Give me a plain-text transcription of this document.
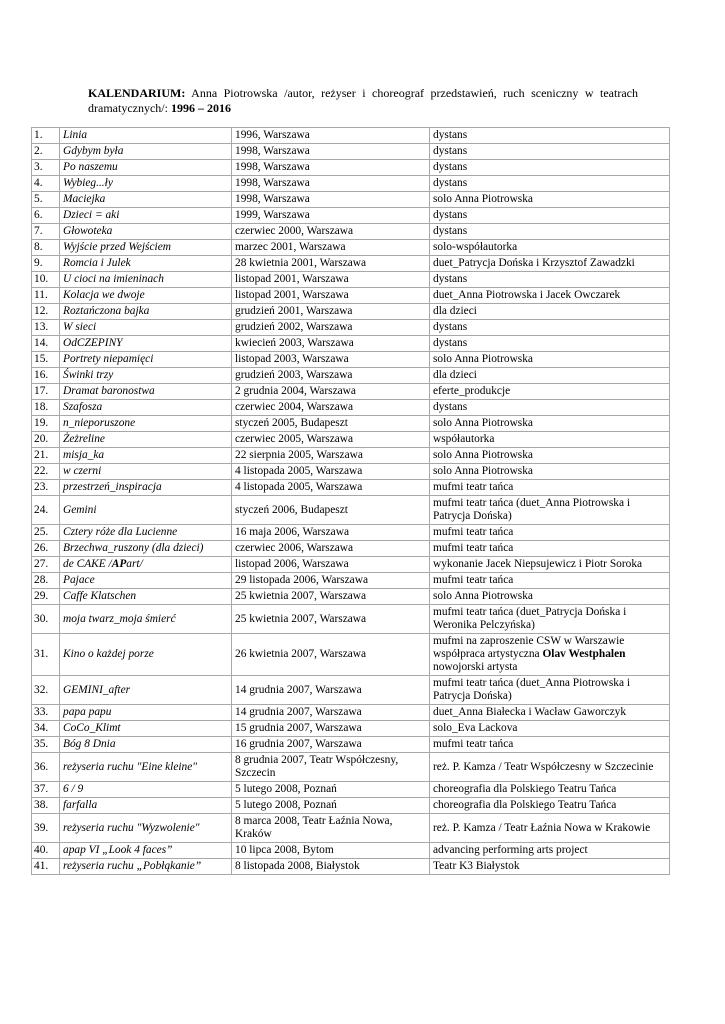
KALENDARIUM: Anna Piotrowska /autor, reżyser i choreograf przedstawień, ruch sceniczny w teatrach dramatycznych/: 1996 – 2016
1.	Linia	1996, Warszawa	dystans
2.	Gdybym była	1998, Warszawa	dystans
3.	Po naszemu	1998, Warszawa	dystans
4.	Wybieg...ły	1998, Warszawa	dystans
5.	Maciejka	1998, Warszawa	solo Anna Piotrowska
6.	Dzieci = aki	1999, Warszawa	dystans
7.	Głowoteka	czerwiec 2000, Warszawa	dystans
8.	Wyjście przed Wejściem	marzec 2001, Warszawa	solo-współautorka
9.	Romcia i Julek	28 kwietnia 2001, Warszawa	duet_Patrycja Dońska i Krzysztof Zawadzki
10.	U cioci na imieninach	listopad 2001, Warszawa	dystans
11.	Kolacja we dwoje	listopad 2001, Warszawa	duet_Anna Piotrowska i Jacek Owczarek
12.	Roztańczona bajka	grudzień 2001, Warszawa	dla dzieci
13.	W sieci	grudzień 2002, Warszawa	dystans
14.	OdCZEPINY	kwiecień 2003, Warszawa	dystans
15.	Portrety niepamięci	listopad 2003, Warszawa	solo Anna Piotrowska
16.	Świnki trzy	grudzień 2003, Warszawa	dla dzieci
17.	Dramat baronostwa	2 grudnia 2004, Warszawa	eferte_produkcje
18.	Szafosza	czerwiec 2004, Warszawa	dystans
19.	n_nieporuszone	styczeń 2005, Budapeszt	solo Anna Piotrowska
20.	Żeżreline	czerwiec 2005, Warszawa	współautorka
21.	misja_ka	22 sierpnia 2005, Warszawa	solo Anna Piotrowska
22.	w czerni	4 listopada 2005, Warszawa	solo Anna Piotrowska
23.	przestrzeń_inspiracja	4 listopada 2005, Warszawa	mufmi teatr tańca
24.	Gemini	styczeń 2006, Budapeszt	mufmi teatr tańca (duet_Anna Piotrowska i Patrycja Dońska)
25.	Cztery róże dla Lucienne	16 maja 2006, Warszawa	mufmi teatr tańca
26.	Brzechwa_ruszony (dla dzieci)	czerwiec 2006, Warszawa	mufmi teatr tańca
27.	de CAKE /APart/	listopad 2006, Warszawa	wykonanie Jacek Niepsujewicz i Piotr Soroka
28.	Pajace	29 listopada 2006, Warszawa	mufmi teatr tańca
29.	Caffe Klatschen	25 kwietnia 2007, Warszawa	solo Anna Piotrowska
30.	moja twarz_moja śmierć	25 kwietnia 2007, Warszawa	mufmi teatr tańca (duet_Patrycja Dońska i Weronika Pelczyńska)
31.	Kino o każdej porze	26 kwietnia 2007, Warszawa	mufmi na zaproszenie CSW w Warszawie współpraca artystyczna Olav Westphalen nowojorski artysta
32.	GEMINI_after	14 grudnia 2007, Warszawa	mufmi teatr tańca (duet_Anna Piotrowska i Patrycja Dońska)
33.	papa papu	14 grudnia 2007, Warszawa	duet_Anna Białecka i Wacław Gaworczyk
34.	CoCo_Klimt	15 grudnia 2007, Warszawa	solo_Eva Lackova
35.	Bóg 8 Dnia	16 grudnia 2007, Warszawa	mufmi teatr tańca
36.	reżyseria ruchu "Eine kleine"	8 grudnia 2007, Teatr Współczesny, Szczecin	reż. P. Kamza / Teatr Współczesny w Szczecinie
37.	6 / 9	5 lutego 2008, Poznań	choreografia dla Polskiego Teatru Tańca
38.	farfalla	5 lutego 2008, Poznań	choreografia dla Polskiego Teatru Tańca
39.	reżyseria ruchu "Wyzwolenie"	8 marca 2008, Teatr Łaźnia Nowa, Kraków	reż. P. Kamza / Teatr Łaźnia Nowa w Krakowie
40.	apap VI „Look 4 faces”	10 lipca 2008, Bytom	advancing performing arts project
41.	reżyseria ruchu „Pobłąkanie”	8 listopada 2008, Białystok	Teatr K3 Białystok
